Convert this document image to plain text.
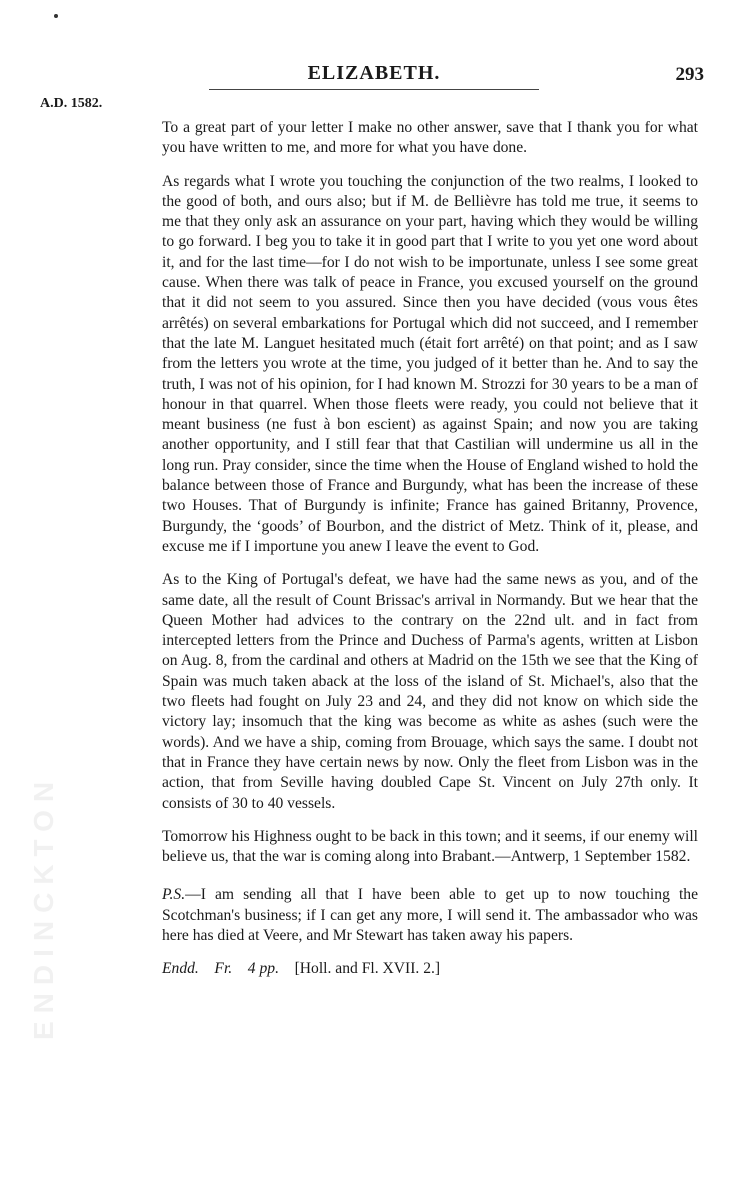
ENDINCKTON
ELIZABETH.	293
A.D. 1582.

To a great part of your letter I make no other answer, save that I thank you for what you have written to me, and more for what you have done.

As regards what I wrote you touching the conjunction of the two realms, I looked to the good of both, and ours also; but if M. de Bellièvre has told me true, it seems to me that they only ask an assurance on your part, having which they would be willing to go forward. I beg you to take it in good part that I write to you yet one word about it, and for the last time—for I do not wish to be importunate, unless I see some great cause. When there was talk of peace in France, you excused yourself on the ground that it did not seem to you assured. Since then you have decided (vous vous êtes arrêtés) on several embarkations for Portugal which did not succeed, and I remember that the late M. Languet hesitated much (était fort arrêté) on that point; and as I saw from the letters you wrote at the time, you judged of it better than he. And to say the truth, I was not of his opinion, for I had known M. Strozzi for 30 years to be a man of honour in that quarrel. When those fleets were ready, you could not believe that it meant business (ne fust à bon escient) as against Spain; and now you are taking another opportunity, and I still fear that that Castilian will undermine us all in the long run. Pray consider, since the time when the House of England wished to hold the balance between those of France and Burgundy, what has been the increase of these two Houses. That of Burgundy is infinite; France has gained Britanny, Provence, Burgundy, the ‘goods’ of Bourbon, and the district of Metz. Think of it, please, and excuse me if I importune you anew I leave the event to God.

As to the King of Portugal's defeat, we have had the same news as you, and of the same date, all the result of Count Brissac's arrival in Normandy. But we hear that the Queen Mother had advices to the contrary on the 22nd ult. and in fact from intercepted letters from the Prince and Duchess of Parma's agents, written at Lisbon on Aug. 8, from the cardinal and others at Madrid on the 15th we see that the King of Spain was much taken aback at the loss of the island of St. Michael's, also that the two fleets had fought on July 23 and 24, and they did not know on which side the victory lay; insomuch that the king was become as white as ashes (such were the words). And we have a ship, coming from Brouage, which says the same. I doubt not that in France they have certain news by now. Only the fleet from Lisbon was in the action, that from Seville having doubled Cape St. Vincent on July 27th only. It consists of 30 to 40 vessels.

Tomorrow his Highness ought to be back in this town; and it seems, if our enemy will believe us, that the war is coming along into Brabant.—Antwerp, 1 September 1582.

P.S.—I am sending all that I have been able to get up to now touching the Scotchman's business; if I can get any more, I will send it. The ambassador who was here has died at Veere, and Mr Stewart has taken away his papers.

Endd. Fr. 4 pp. [Holl. and Fl. XVII. 2.]
